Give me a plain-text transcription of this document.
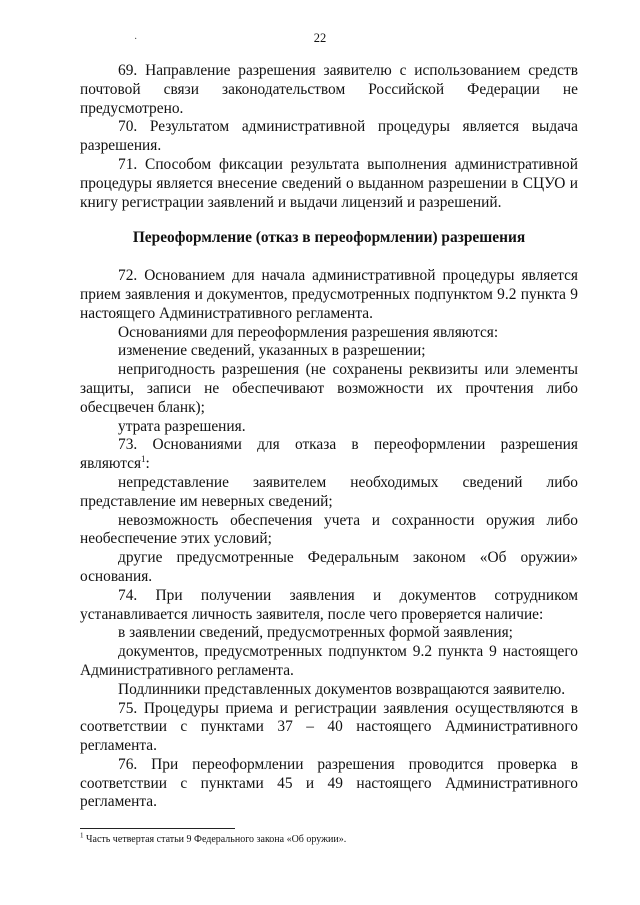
22
·

69. Направление разрешения заявителю с использованием средств почтовой связи законодательством Российской Федерации не предусмотрено.

70. Результатом административной процедуры является выдача разрешения.

71. Способом фиксации результата выполнения административной процедуры является внесение сведений о выданном разрешении в СЦУО и книгу регистрации заявлений и выдачи лицензий и разрешений.

Переоформление (отказ в переоформлении) разрешения

72. Основанием для начала административной процедуры является прием заявления и документов, предусмотренных подпунктом 9.2 пункта 9 настоящего Административного регламента.

Основаниями для переоформления разрешения являются:

изменение сведений, указанных в разрешении;

непригодность разрешения (не сохранены реквизиты или элементы защиты, записи не обеспечивают возможности их прочтения либо обесцвечен бланк);

утрата разрешения.

73. Основаниями для отказа в переоформлении разрешения являются$^1$:

непредставление заявителем необходимых сведений либо представление им неверных сведений;

невозможность обеспечения учета и сохранности оружия либо необеспечение этих условий;

другие предусмотренные Федеральным законом «Об оружии» основания.

74. При получении заявления и документов сотрудником устанавливается личность заявителя, после чего проверяется наличие:

в заявлении сведений, предусмотренных формой заявления;

документов, предусмотренных подпунктом 9.2 пункта 9 настоящего Административного регламента.

Подлинники представленных документов возвращаются заявителю.

75. Процедуры приема и регистрации заявления осуществляются в соответствии с пунктами 37 – 40 настоящего Административного регламента.

76. При переоформлении разрешения проводится проверка в соответствии с пунктами 45 и 49 настоящего Административного регламента.

$^1$ Часть четвертая статьи 9 Федерального закона «Об оружии».
